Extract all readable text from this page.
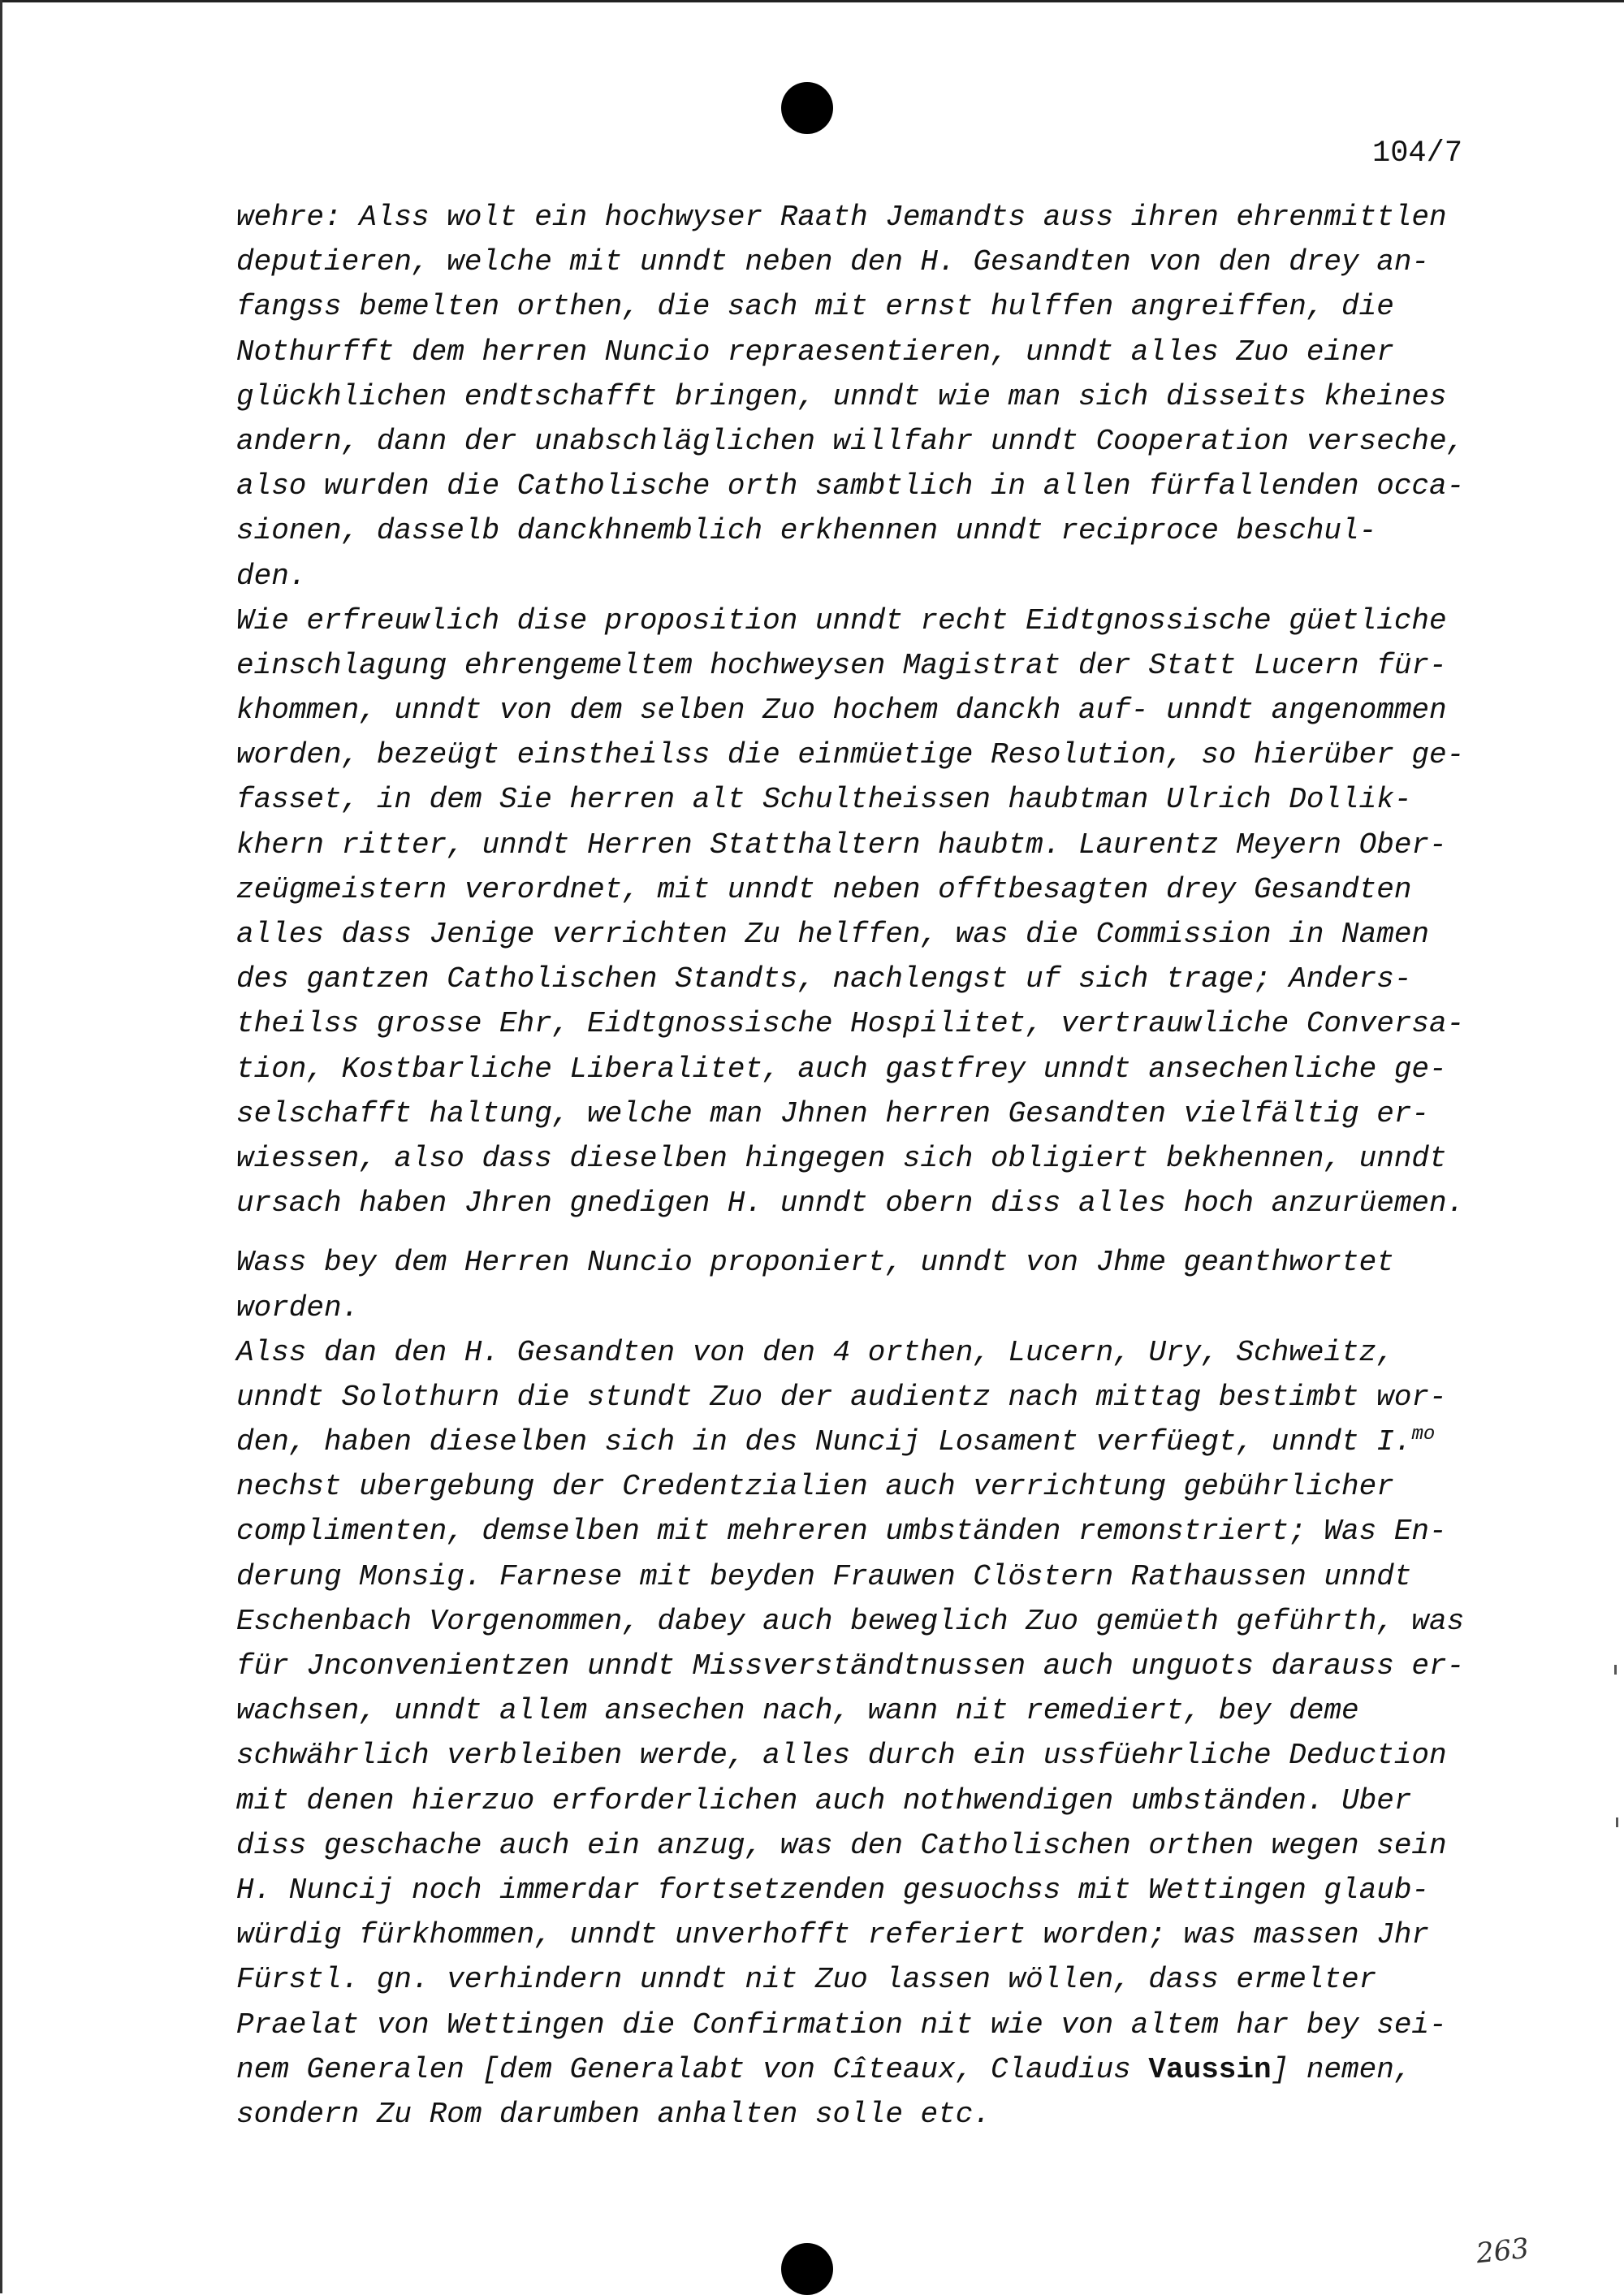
104/7
wehre: Alss wolt ein hochwyser Raath Jemandts auss ihren ehrenmittlen
deputieren, welche mit unndt neben den H. Gesandten von den drey an-
fangss bemelten orthen, die sach mit ernst hulffen angreiffen, die
Nothurfft dem herren Nuncio repraesentieren, unndt alles Zuo einer
glückhlichen endtschafft bringen, unndt wie man sich disseits kheines
andern, dann der unabschläglichen willfahr unndt Cooperation verseche,
also wurden die Catholische orth sambtlich in allen fürfallenden occa-
sionen, dasselb danckhnemblich erkhennen unndt reciproce beschul-
den.
Wie erfreuwlich dise proposition unndt recht Eidtgnossische güetliche
einschlagung ehrengemeltem hochweysen Magistrat der Statt Lucern für-
khommen, unndt von dem selben Zuo hochem danckh auf- unndt angenommen
worden, bezeügt einstheilss die einmüetige Resolution, so hierüber ge-
fasset, in dem Sie herren alt Schultheissen haubtman Ulrich Dollik-
khern ritter, unndt Herren Statthaltern haubtm. Laurentz Meyern Ober-
zeügmeistern verordnet, mit unndt neben offtbesagten drey Gesandten
alles dass Jenige verrichten Zu helffen, was die Commission in Namen
des gantzen Catholischen Standts, nachlengst uf sich trage; Anders-
theilss grosse Ehr, Eidtgnossische Hospilitet, vertrauwliche Conversa-
tion, Kostbarliche Liberalitet, auch gastfrey unndt ansechenliche ge-
selschafft haltung, welche man Jhnen herren Gesandten vielfältig er-
wiessen, also dass dieselben hingegen sich obligiert bekhennen, unndt
ursach haben Jhren gnedigen H. unndt obern diss alles hoch anzurüemen.
Wass bey dem Herren Nuncio proponiert, unndt von Jhme geanthwortet
worden.
Alss dan den H. Gesandten von den 4 orthen, Lucern, Ury, Schweitz,
unndt Solothurn die stundt Zuo der audientz nach mittag bestimbt wor-
den, haben dieselben sich in des Nuncij Losament verfüegt, unndt I.$^{mo}$
nechst ubergebung der Credentzialien auch verrichtung gebührlicher
complimenten, demselben mit mehreren umbständen remonstriert; Was En-
derung Monsig. Farnese mit beyden Frauwen Clöstern Rathaussen unndt
Eschenbach Vorgenommen, dabey auch beweglich Zuo gemüeth geführth, was
für Jnconvenientzen unndt Missverständtnussen auch unguots darauss er-
wachsen, unndt allem ansechen nach, wann nit remediert, bey deme
schwährlich verbleiben werde, alles durch ein ussfüehrliche Deduction
mit denen hierzuo erforderlichen auch nothwendigen umbständen. Uber
diss geschache auch ein anzug, was den Catholischen orthen wegen sein
H. Nuncij noch immerdar fortsetzenden gesuochss mit Wettingen glaub-
würdig fürkhommen, unndt unverhofft referiert worden; was massen Jhr
Fürstl. gn. verhindern unndt nit Zuo lassen wöllen, dass ermelter
Praelat von Wettingen die Confirmation nit wie von altem har bey sei-
nem Generalen [dem Generalabt von Cîteaux, Claudius Vaussin] nemen,
sondern Zu Rom darumben anhalten solle etc.
263
